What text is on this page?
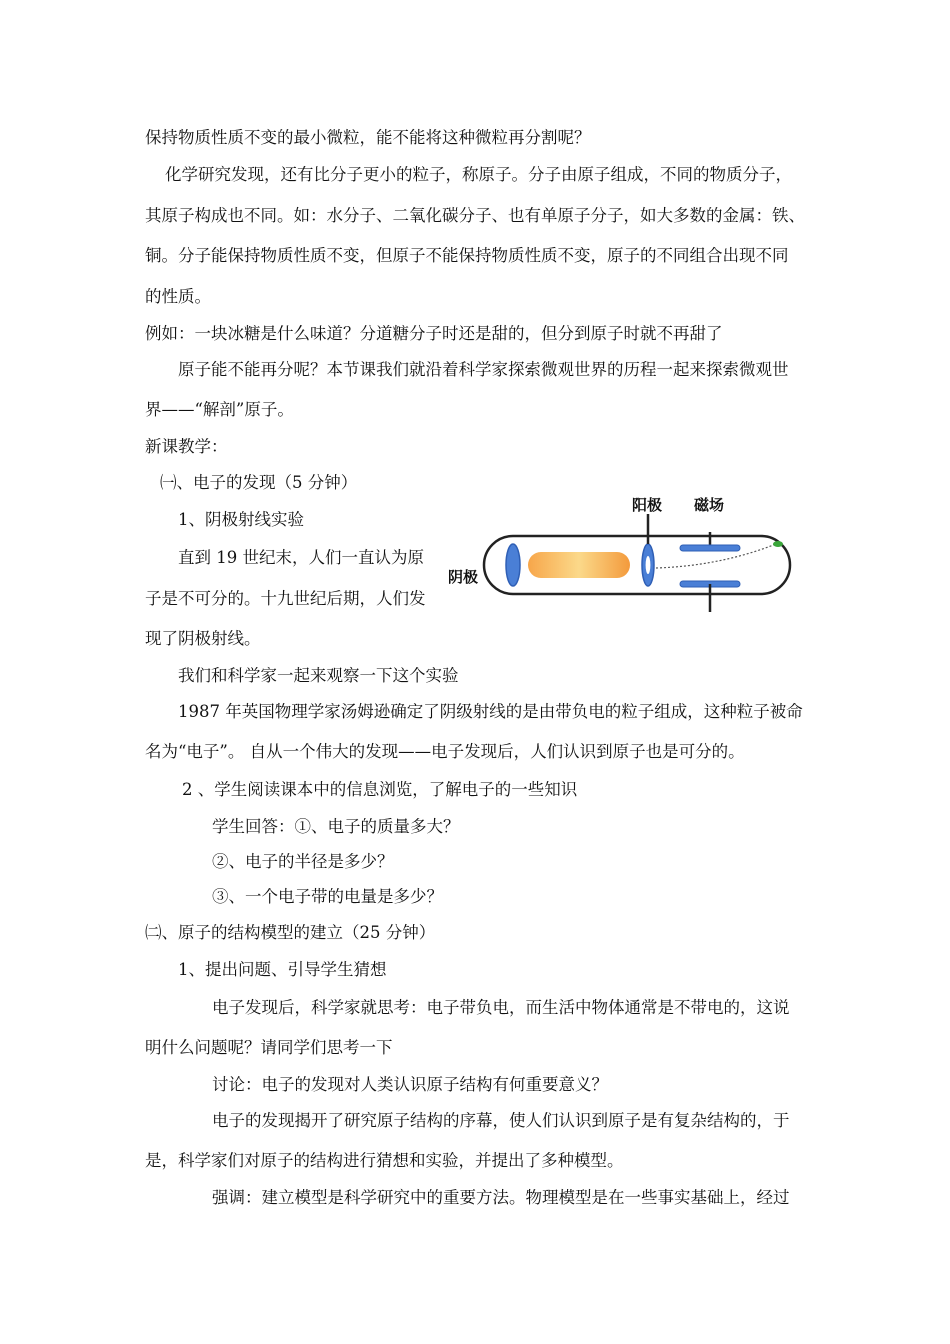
保持物质性质不变的最小微粒，能不能将这种微粒再分割呢？
化学研究发现，还有比分子更小的粒子，称原子。分子由原子组成，不同的物质分子，
其原子构成也不同。如：水分子、二氧化碳分子、也有单原子分子，如大多数的金属：铁、
铜。分子能保持物质性质不变，但原子不能保持物质性质不变，原子的不同组合出现不同
的性质。
例如：一块冰糖是什么味道？分道糖分子时还是甜的，但分到原子时就不再甜了
原子能不能再分呢？本节课我们就沿着科学家探索微观世界的历程一起来探索微观世
界——“解剖”原子。
新课教学：
㈠、电子的发现（5 分钟）
1、阴极射线实验
直到 19 世纪末，人们一直认为原
子是不可分的。十九世纪后期，人们发
现了阴极射线。
我们和科学家一起来观察一下这个实验
1987 年英国物理学家汤姆逊确定了阴级射线的是由带负电的粒子组成，这种粒子被命
名为“电子”。 自从一个伟大的发现——电子发现后，人们认识到原子也是可分的。
2 、学生阅读课本中的信息浏览，了解电子的一些知识
学生回答：①、电子的质量多大？
②、电子的半径是多少？
③、一个电子带的电量是多少？
㈡、原子的结构模型的建立（25 分钟）
1、提出问题、引导学生猜想
电子发现后，科学家就思考：电子带负电，而生活中物体通常是不带电的，这说
明什么问题呢？请同学们思考一下
讨论：电子的发现对人类认识原子结构有何重要意义？
电子的发现揭开了研究原子结构的序幕，使人们认识到原子是有复杂结构的，于
是，科学家们对原子的结构进行猜想和实验，并提出了多种模型。
强调：建立模型是科学研究中的重要方法。物理模型是在一些事实基础上，经过
阴极
阳极 磁场
